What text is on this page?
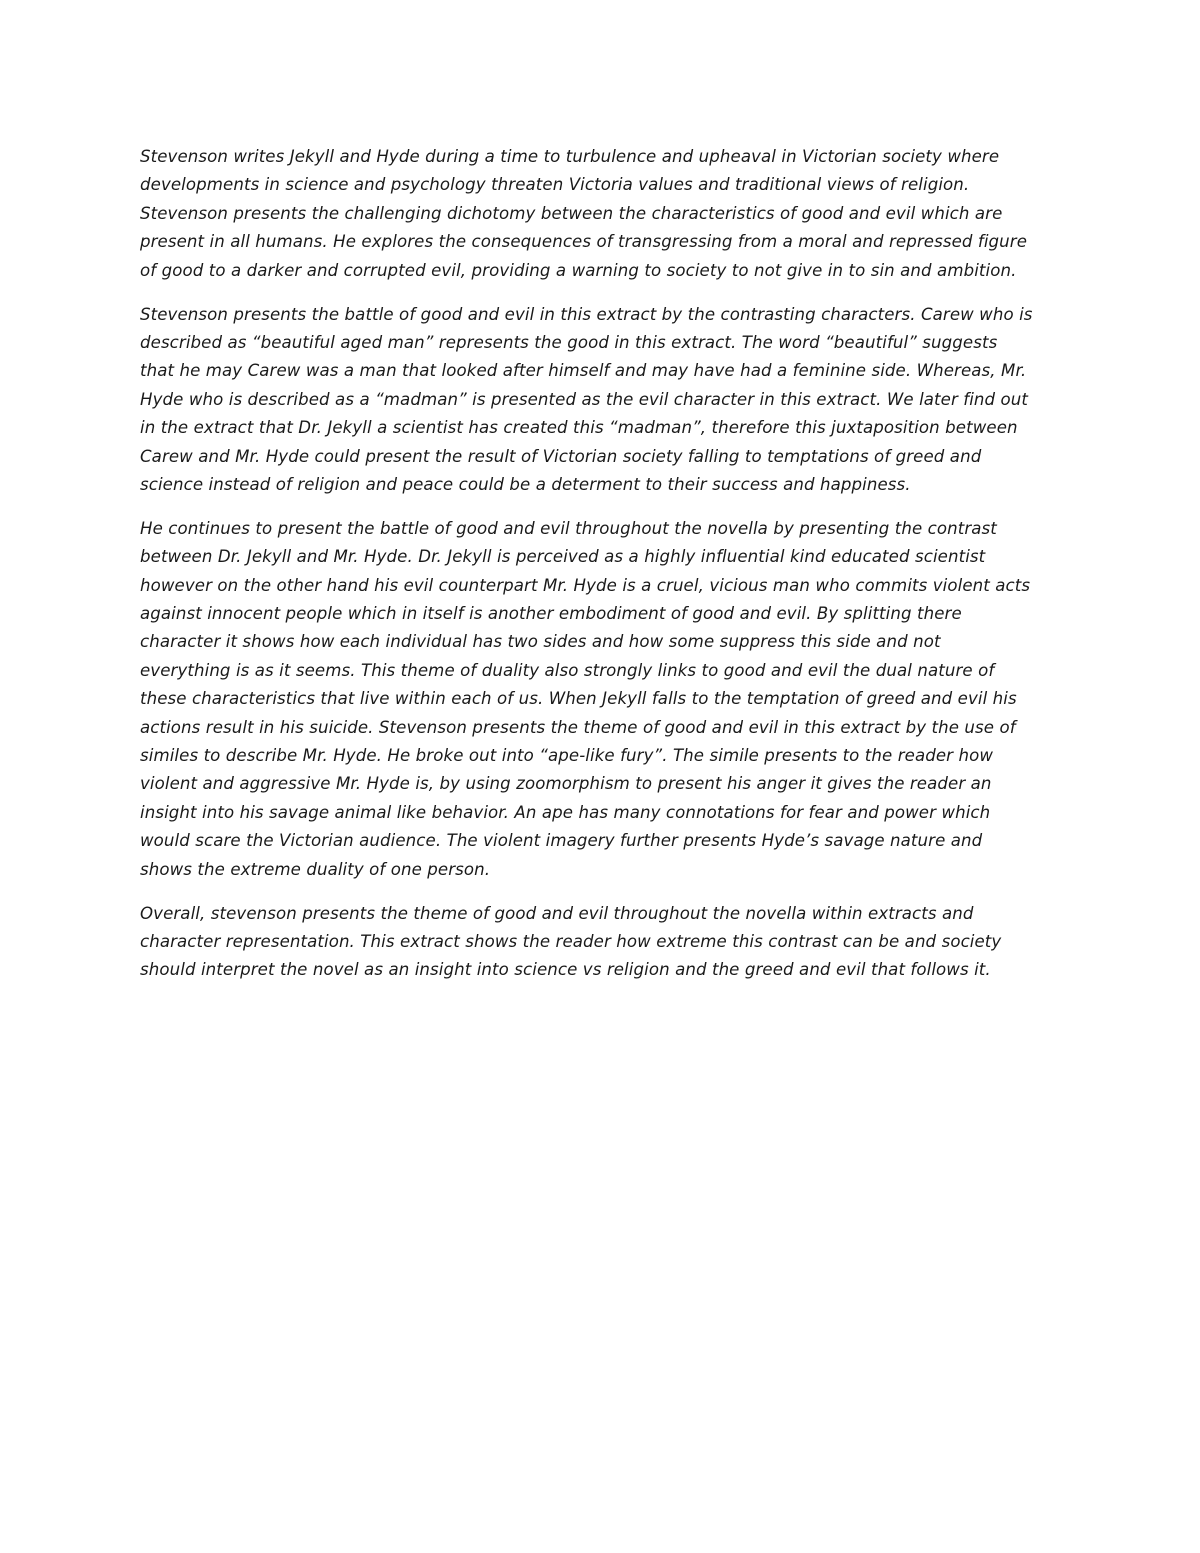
Stevenson writes Jekyll and Hyde during a time to turbulence and upheaval in Victorian society where
developments in science and psychology threaten Victoria values and traditional views of religion.
Stevenson presents the challenging dichotomy between the characteristics of good and evil which are
present in all humans. He explores the consequences of transgressing from a moral and repressed figure
of good to a darker and corrupted evil, providing a warning to society to not give in to sin and ambition.
Stevenson presents the battle of good and evil in this extract by the contrasting characters. Carew who is
described as “beautiful aged man” represents the good in this extract. The word “beautiful” suggests
that he may Carew was a man that looked after himself and may have had a feminine side. Whereas, Mr.
Hyde who is described as a “madman” is presented as the evil character in this extract. We later find out
in the extract that Dr. Jekyll a scientist has created this “madman”, therefore this juxtaposition between
Carew and Mr. Hyde could present the result of Victorian society falling to temptations of greed and
science instead of religion and peace could be a determent to their success and happiness.
He continues to present the battle of good and evil throughout the novella by presenting the contrast
between Dr. Jekyll and Mr. Hyde. Dr. Jekyll is perceived as a highly influential kind educated scientist
however on the other hand his evil counterpart Mr. Hyde is a cruel, vicious man who commits violent acts
against innocent people which in itself is another embodiment of good and evil. By splitting there
character it shows how each individual has two sides and how some suppress this side and not
everything is as it seems. This theme of duality also strongly links to good and evil the dual nature of
these characteristics that live within each of us. When Jekyll falls to the temptation of greed and evil his
actions result in his suicide. Stevenson presents the theme of good and evil in this extract by the use of
similes to describe Mr. Hyde. He broke out into “ape-like fury”. The simile presents to the reader how
violent and aggressive Mr. Hyde is, by using zoomorphism to present his anger it gives the reader an
insight into his savage animal like behavior. An ape has many connotations for fear and power which
would scare the Victorian audience. The violent imagery further presents Hyde’s savage nature and
shows the extreme duality of one person.
Overall, stevenson presents the theme of good and evil throughout the novella within extracts and
character representation. This extract shows the reader how extreme this contrast can be and society
should interpret the novel as an insight into science vs religion and the greed and evil that follows it.
